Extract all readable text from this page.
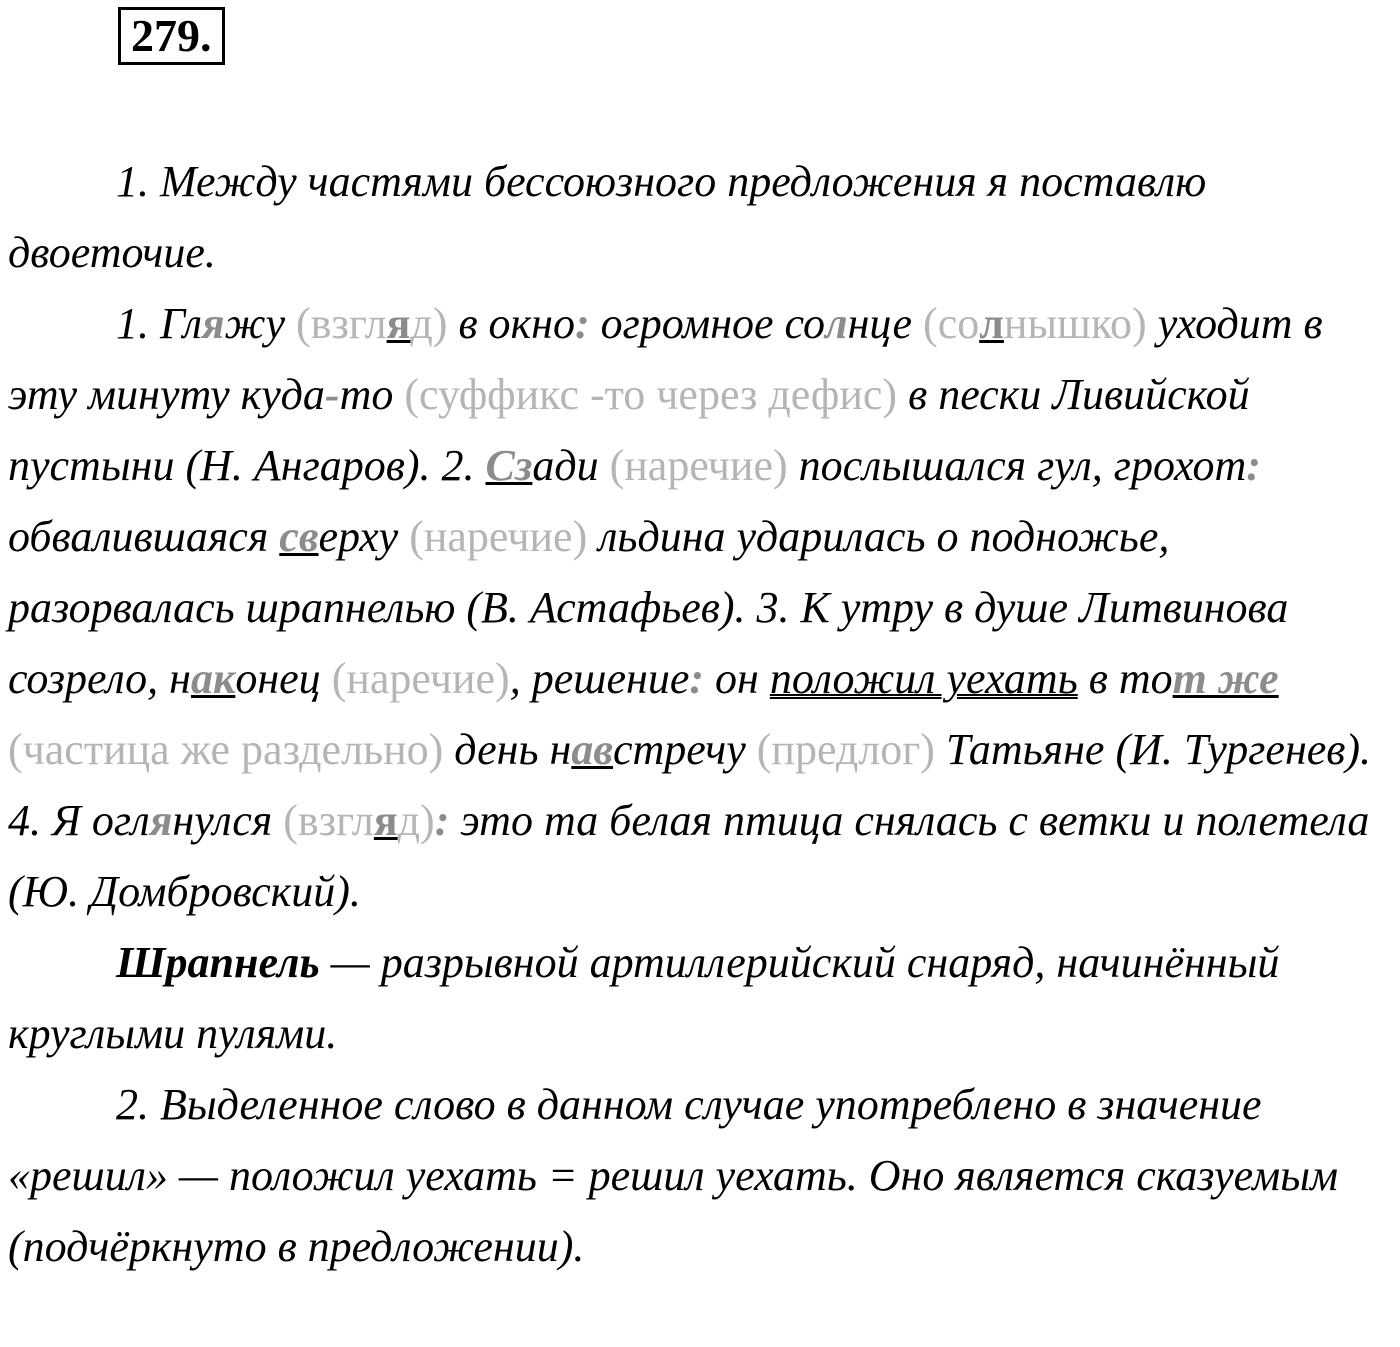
279.

1. Между частями бессоюзного предложения я поставлю двоеточие.

1. Гляжу (взгляд) в окно: огромное солнце (солнышко) уходит в эту минуту куда-то (суффикс -то через дефис) в пески Ливийской пустыни (Н. Ангаров). 2. Сзади (наречие) послышался гул, грохот: обвалившаяся сверху (наречие) льдина ударилась о подножье, разорвалась шрапнелью (В. Астафьев). 3. К утру в душе Литвинова созрело, наконец (наречие), решение: он положил уехать в тот же (частица же раздельно) день навстречу (предлог) Татьяне (И. Тургенев). 4. Я оглянулся (взгляд): это та белая птица снялась с ветки и полетела (Ю. Домбровский).

Шрапнель — разрывной артиллерийский снаряд, начинённый круглыми пулями.

2. Выделенное слово в данном случае употреблено в значение «решил» — положил уехать = решил уехать. Оно является сказуемым (подчёркнуто в предложении).
